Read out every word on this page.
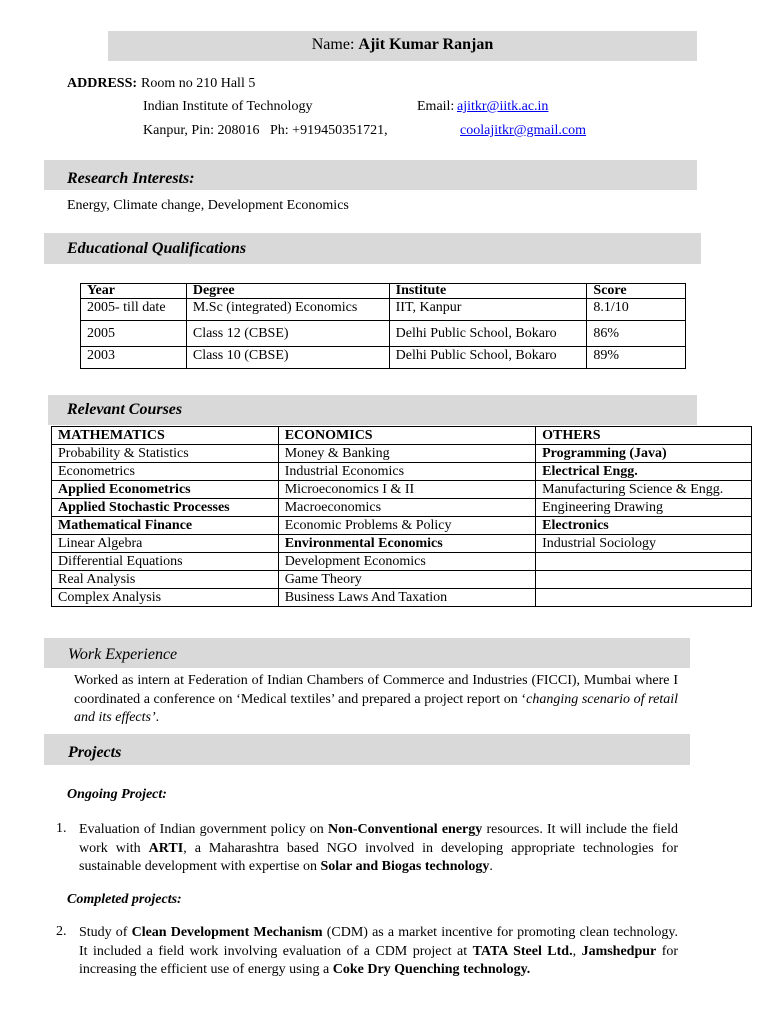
Name: Ajit Kumar Ranjan
ADDRESS: Room no 210 Hall 5
Indian Institute of Technology
Kanpur, Pin: 208016   Ph: +919450351721,
Email: ajitkr@iitk.ac.in
coolajitkr@gmail.com
Research Interests:
Energy, Climate change, Development Economics
Educational Qualifications
Year	Degree	Institute	Score
2005- till date	M.Sc (integrated) Economics	IIT, Kanpur	8.1/10
2005	Class 12 (CBSE)	Delhi Public School, Bokaro	86%
2003	Class 10 (CBSE)	Delhi Public School, Bokaro	89%
Relevant Courses
MATHEMATICS	ECONOMICS	OTHERS
Probability & Statistics	Money & Banking	Programming (Java)
Econometrics	Industrial Economics	Electrical Engg.
Applied Econometrics	Microeconomics I & II	Manufacturing Science & Engg.
Applied Stochastic Processes	Macroeconomics	Engineering Drawing
Mathematical Finance	Economic Problems & Policy	Electronics
Linear Algebra	Environmental Economics	Industrial Sociology
Differential Equations	Development Economics	
Real Analysis	Game Theory	
Complex Analysis	Business Laws And Taxation	
Work Experience
Worked as intern at Federation of Indian Chambers of Commerce and Industries (FICCI), Mumbai where I coordinated a conference on ‘Medical textiles’ and prepared a project report on ‘changing scenario of retail and its effects’.
Projects
Ongoing Project:
1. Evaluation of Indian government policy on Non-Conventional energy resources. It will include the field work with ARTI, a Maharashtra based NGO involved in developing appropriate technologies for sustainable development with expertise on Solar and Biogas technology.
Completed projects:
2. Study of Clean Development Mechanism (CDM) as a market incentive for promoting clean technology. It included a field work involving evaluation of a CDM project at TATA Steel Ltd., Jamshedpur for increasing the efficient use of energy using a Coke Dry Quenching technology.
